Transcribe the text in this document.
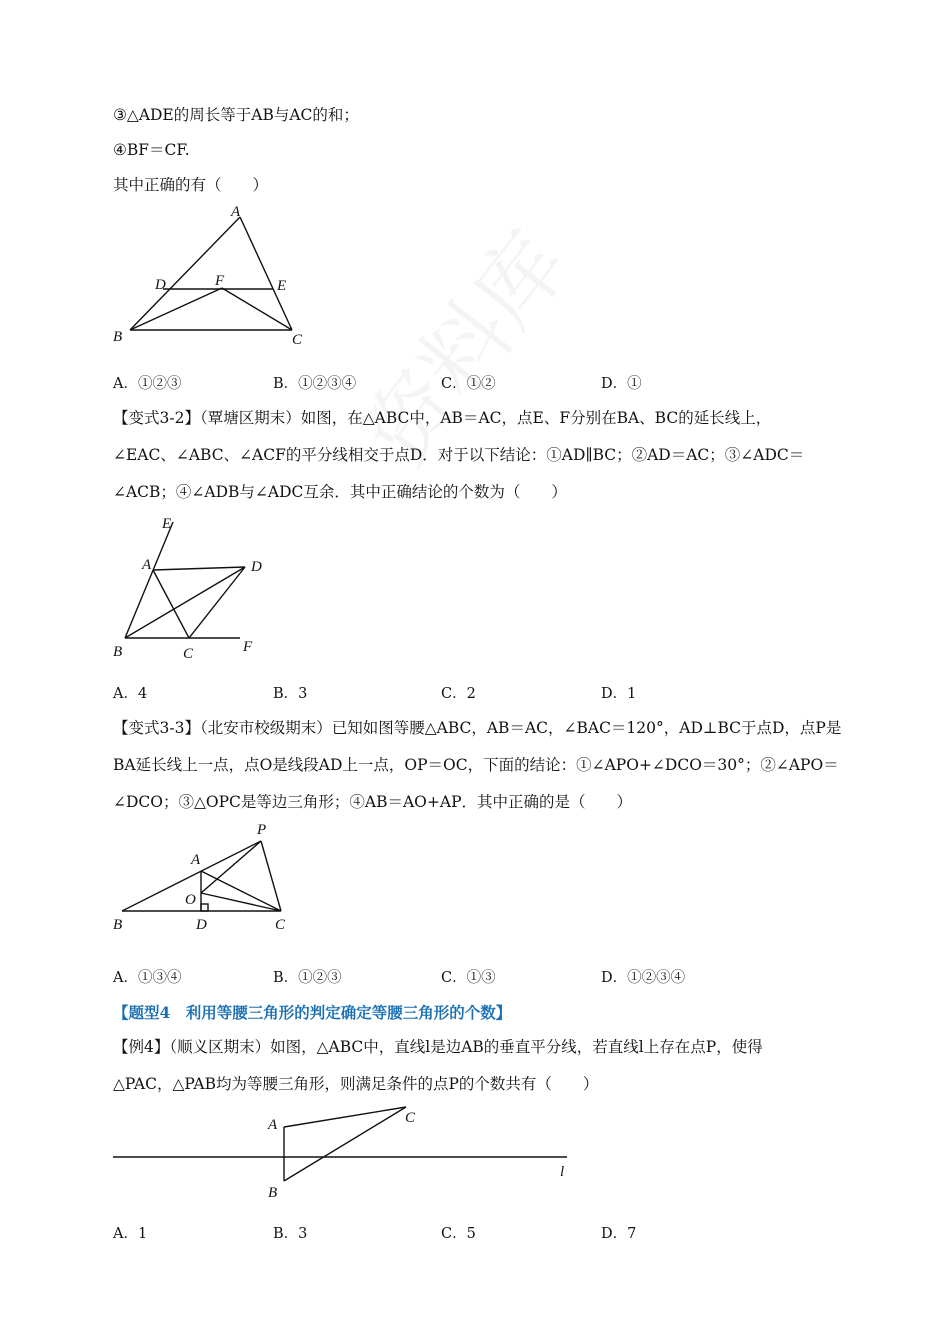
③△ADE的周长等于AB与AC的和；
④BF＝CF.
其中正确的有（　　）
A
D	F	E
B	C
A．①②③	B．①②③④	C．①②	D．①
【变式3-2】（覃塘区期末）如图，在△ABC中，AB＝AC，点E、F分别在BA、BC的延长线上，
∠EAC、∠ABC、∠ACF的平分线相交于点D．对于以下结论：①AD∥BC；②AD＝AC；③∠ADC＝
∠ACB；④∠ADB与∠ADC互余．其中正确结论的个数为（　　）
E
A	D
B	C	F
A．4	B．3	C．2	D．1
【变式3-3】（北安市校级期末）已知如图等腰△ABC，AB＝AC，∠BAC＝120°，AD⊥BC于点D，点P是
BA延长线上一点，点O是线段AD上一点，OP＝OC，下面的结论：①∠APO+∠DCO＝30°；②∠APO＝
∠DCO；③△OPC是等边三角形；④AB＝AO+AP．其中正确的是（　　）
P
A
O
B	D	C
A．①③④	B．①②③	C．①③	D．①②③④
【题型4　利用等腰三角形的判定确定等腰三角形的个数】
【例4】（顺义区期末）如图，△ABC中，直线l是边AB的垂直平分线，若直线l上存在点P，使得
△PAC，△PAB均为等腰三角形，则满足条件的点P的个数共有（　　）
A	C
B
l
A．1	B．3	C．5	D．7
